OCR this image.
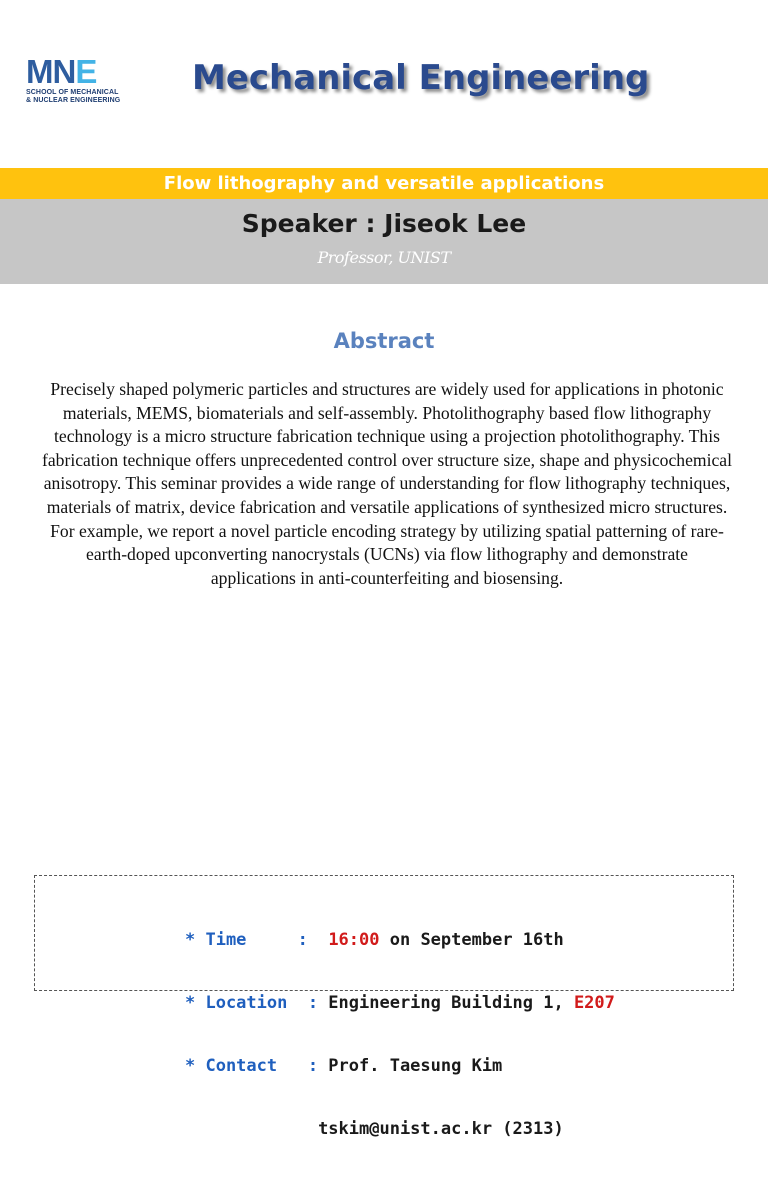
MNE
SCHOOL OF MECHANICAL
& NUCLEAR ENGINEERING
Mechanical Engineering
Flow lithography and versatile applications
Speaker : Jiseok Lee
Professor, UNIST
Abstract
Precisely shaped polymeric particles and structures are widely used for applications in photonic materials, MEMS, biomaterials and self-assembly. Photolithography based flow lithography technology is a micro structure fabrication technique using a projection photolithography. This fabrication technique offers unprecedented control over structure size, shape and physicochemical anisotropy. This seminar provides a wide range of understanding for flow lithography techniques, materials of matrix, device fabrication and versatile applications of synthesized micro structures. For example, we report a novel particle encoding strategy by utilizing spatial patterning of rare-earth-doped upconverting nanocrystals (UCNs) via flow lithography and demonstrate applications in anti-counterfeiting and biosensing.

* Time     : 16:00 on September 16th

* Location  : Engineering Building 1, E207

* Contact   : Prof. Taesung Kim

tskim@unist.ac.kr (2313)
